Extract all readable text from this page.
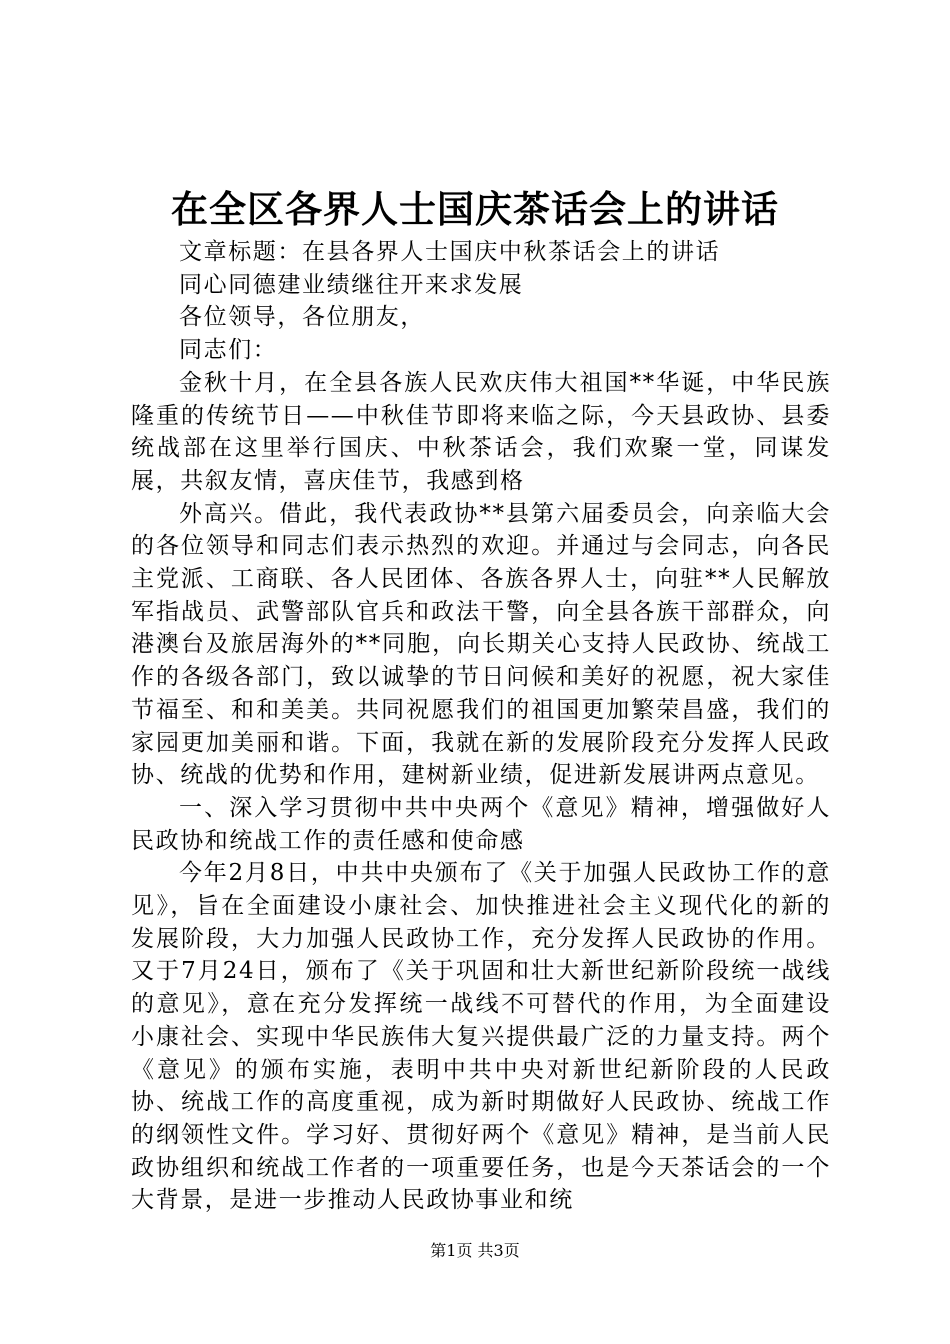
在全区各界人士国庆茶话会上的讲话

文章标题：在县各界人士国庆中秋茶话会上的讲话

同心同德建业绩继往开来求发展

各位领导，各位朋友，

同志们：

金秋十月，在全县各族人民欢庆伟大祖国**华诞，中华民族隆重的传统节日——中秋佳节即将来临之际，今天县政协、县委统战部在这里举行国庆、中秋茶话会，我们欢聚一堂，同谋发展，共叙友情，喜庆佳节，我感到格

外高兴。借此，我代表政协**县第六届委员会，向亲临大会的各位领导和同志们表示热烈的欢迎。并通过与会同志，向各民主党派、工商联、各人民团体、各族各界人士，向驻**人民解放军指战员、武警部队官兵和政法干警，向全县各族干部群众，向港澳台及旅居海外的**同胞，向长期关心支持人民政协、统战工作的各级各部门，致以诚挚的节日问候和美好的祝愿，祝大家佳节福至、和和美美。共同祝愿我们的祖国更加繁荣昌盛，我们的家园更加美丽和谐。下面，我就在新的发展阶段充分发挥人民政协、统战的优势和作用，建树新业绩，促进新发展讲两点意见。

一、深入学习贯彻中共中央两个《意见》精神，增强做好人民政协和统战工作的责任感和使命感

今年2月8日，中共中央颁布了《关于加强人民政协工作的意见》，旨在全面建设小康社会、加快推进社会主义现代化的新的发展阶段，大力加强人民政协工作，充分发挥人民政协的作用。又于7月24日，颁布了《关于巩固和壮大新世纪新阶段统一战线的意见》，意在充分发挥统一战线不可替代的作用，为全面建设小康社会、实现中华民族伟大复兴提供最广泛的力量支持。两个《意见》的颁布实施，表明中共中央对新世纪新阶段的人民政协、统战工作的高度重视，成为新时期做好人民政协、统战工作的纲领性文件。学习好、贯彻好两个《意见》精神，是当前人民政协组织和统战工作者的一项重要任务，也是今天茶话会的一个大背景，是进一步推动人民政协事业和统

第1页 共3页
